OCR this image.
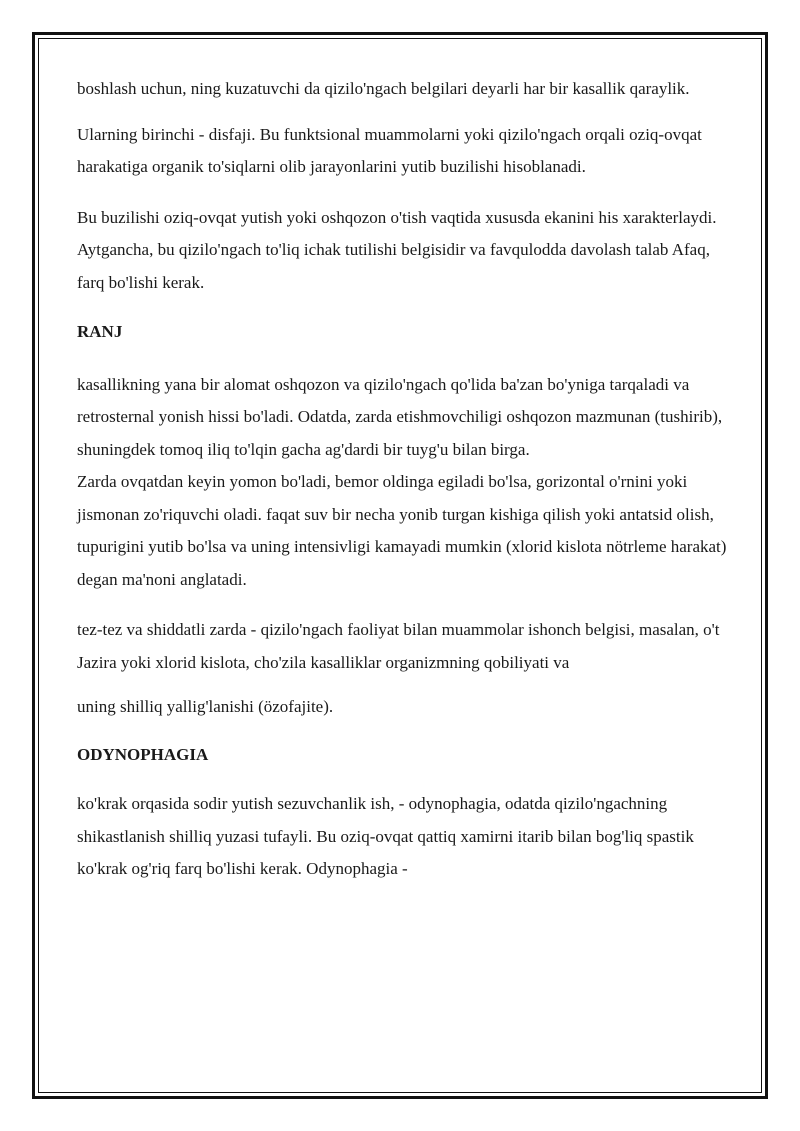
boshlash uchun, ning kuzatuvchi da qizilo'ngach belgilari deyarli har bir kasallik qaraylik.

Ularning birinchi - disfaji. Bu funktsional muammolarni yoki qizilo'ngach orqali oziq-ovqat harakatiga organik to'siqlarni olib jarayonlarini yutib buzilishi hisoblanadi.

Bu buzilishi oziq-ovqat yutish yoki oshqozon o'tish vaqtida xususda ekanini his xarakterlaydi. Aytgancha, bu qizilo'ngach to'liq ichak tutilishi belgisidir va favqulodda davolash talab Afaq, farq bo'lishi kerak.

RANJ

kasallikning yana bir alomat oshqozon va qizilo'ngach qo'lida ba'zan bo'yniga tarqaladi va retrosternal yonish hissi bo'ladi. Odatda, zarda etishmovchiligi oshqozon mazmunan (tushirib), shuningdek tomoq iliq to'lqin gacha ag'dardi bir tuyg'u bilan birga.

Zarda ovqatdan keyin yomon bo'ladi, bemor oldinga egiladi bo'lsa, gorizontal o'rnini yoki jismonan zo'riquvchi oladi. faqat suv bir necha yonib turgan kishiga qilish yoki antatsid olish, tupurigini yutib bo'lsa va uning intensivligi kamayadi mumkin (xlorid kislota nötrleme harakat) degan ma'noni anglatadi.

tez-tez va shiddatli zarda - qizilo'ngach faoliyat bilan muammolar ishonch belgisi, masalan, o't Jazira yoki xlorid kislota, cho'zila kasalliklar organizmning qobiliyati va
uning shilliq yallig'lanishi (özofajite).

ODYNOPHAGIA

ko'krak orqasida sodir yutish sezuvchanlik ish, - odynophagia, odatda qizilo'ngachning shikastlanish shilliq yuzasi tufayli. Bu oziq-ovqat qattiq xamirni itarib bilan bog'liq spastik ko'krak og'riq farq bo'lishi kerak. Odynophagia -
